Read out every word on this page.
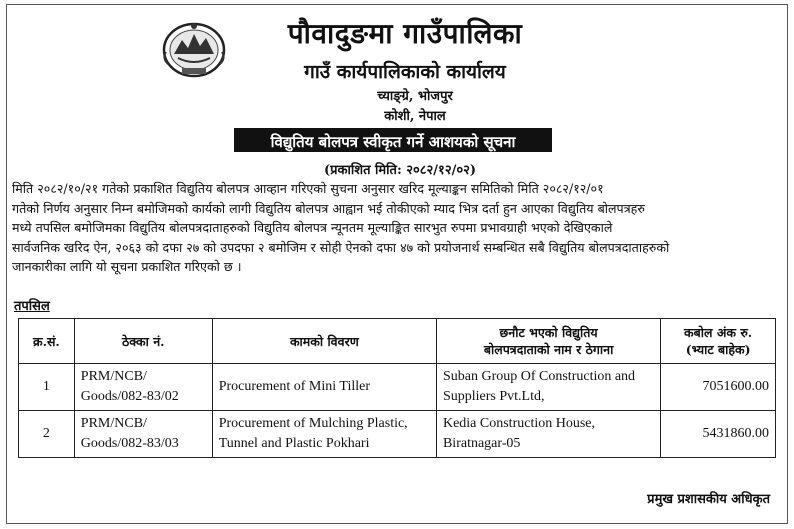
पौवादुङमा गाउँपालिका
गाउँ कार्यपालिकाको कार्यालय
च्याङ्ग्रे, भोजपुर
कोशी, नेपाल
विद्युतिय बोलपत्र स्वीकृत गर्ने आशयको सूचना
(प्रकाशित मिति: २०८२/१२/०२)
मिति २०८२/१०/२१ गतेको प्रकाशित विद्युतिय बोलपत्र आव्हान गरिएको सुचना अनुसार खरिद मूल्याङ्कन समितिको मिति २०८२/१२/०१
गतेको निर्णय अनुसार निम्न बमोजिमको कार्यको लागी विद्युतिय बोलपत्र आह्वान भई तोकीएको म्याद भित्र दर्ता हुन आएका विद्युतिय बोलपत्रहरु
मध्ये तपसिल बमोजिमका विद्युतिय बोलपत्रदाताहरुको विद्युतिय बोलपत्र न्यूनतम मूल्याङ्कित सारभुत रुपमा प्रभावग्राही भएको देखिएकाले
सार्वजनिक खरिद ऐन, २०६३ को दफा २७ को उपदफा २ बमोजिम र सोही ऐनको दफा ४७ को प्रयोजनार्थ सम्बन्धित सबै विद्युतिय बोलपत्रदाताहरुको
जानकारीका लागि यो सूचना प्रकाशित गरिएको छ ।
तपसिल
क्र.सं.	ठेक्का नं.	कामको विवरण	छनौट भएको विद्युतिय
बोलपत्रदाताको नाम र ठेगाना	कबोल अंक रु.
(भ्याट बाहेक)
1	PRM/NCB/
Goods/082-83/02	Procurement of Mini Tiller	Suban Group Of Construction and Suppliers Pvt.Ltd,	7051600.00
2	PRM/NCB/
Goods/082-83/03	Procurement of Mulching Plastic, Tunnel and Plastic Pokhari	Kedia Construction House, Biratnagar-05	5431860.00
प्रमुख प्रशासकीय अधिकृत
